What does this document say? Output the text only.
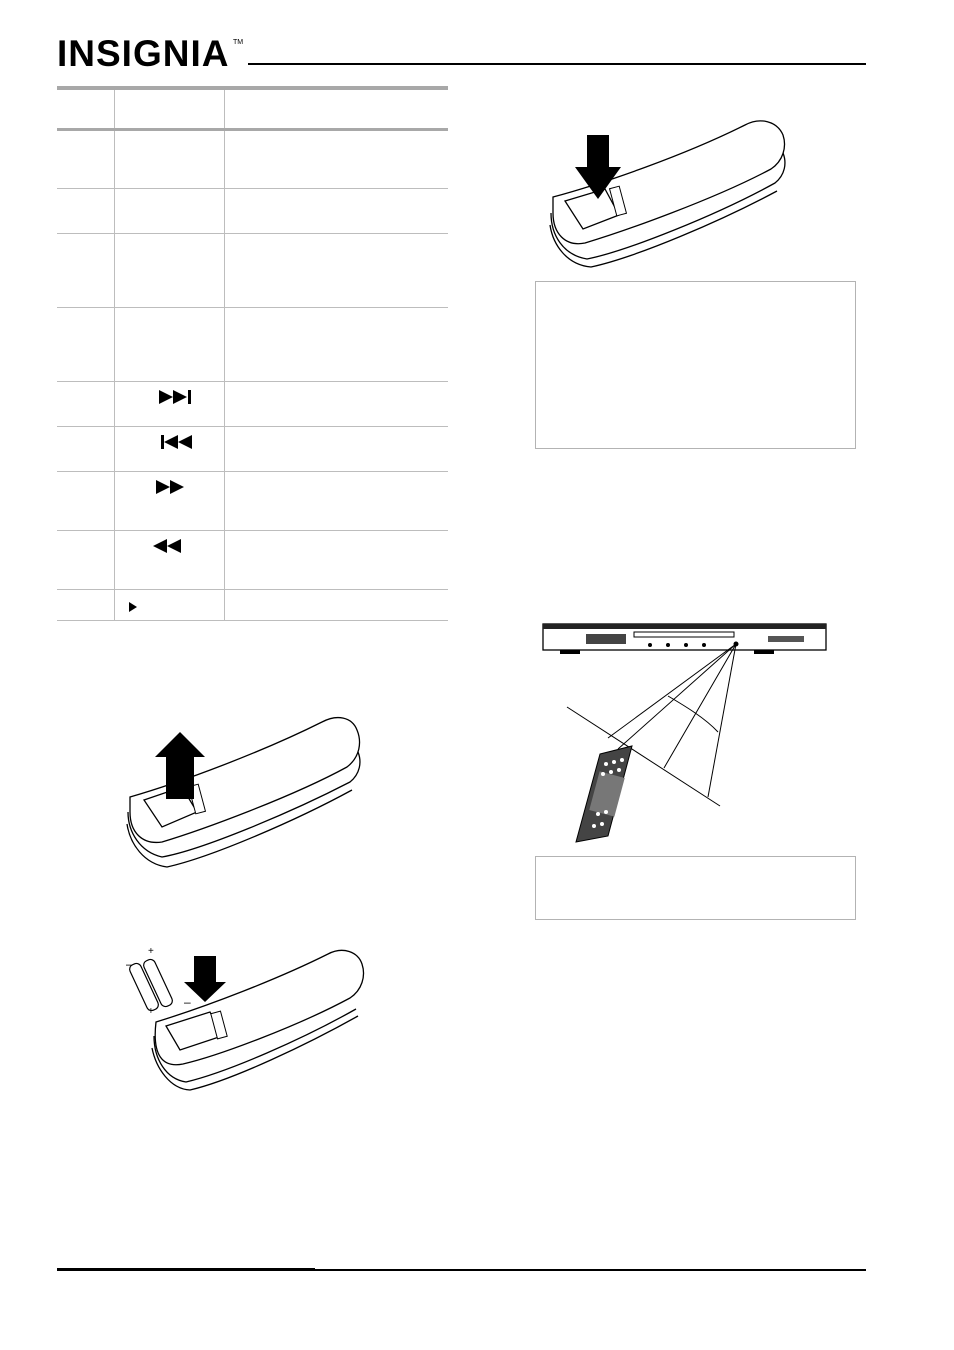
INSIGNIA TM

–
+
+
–
